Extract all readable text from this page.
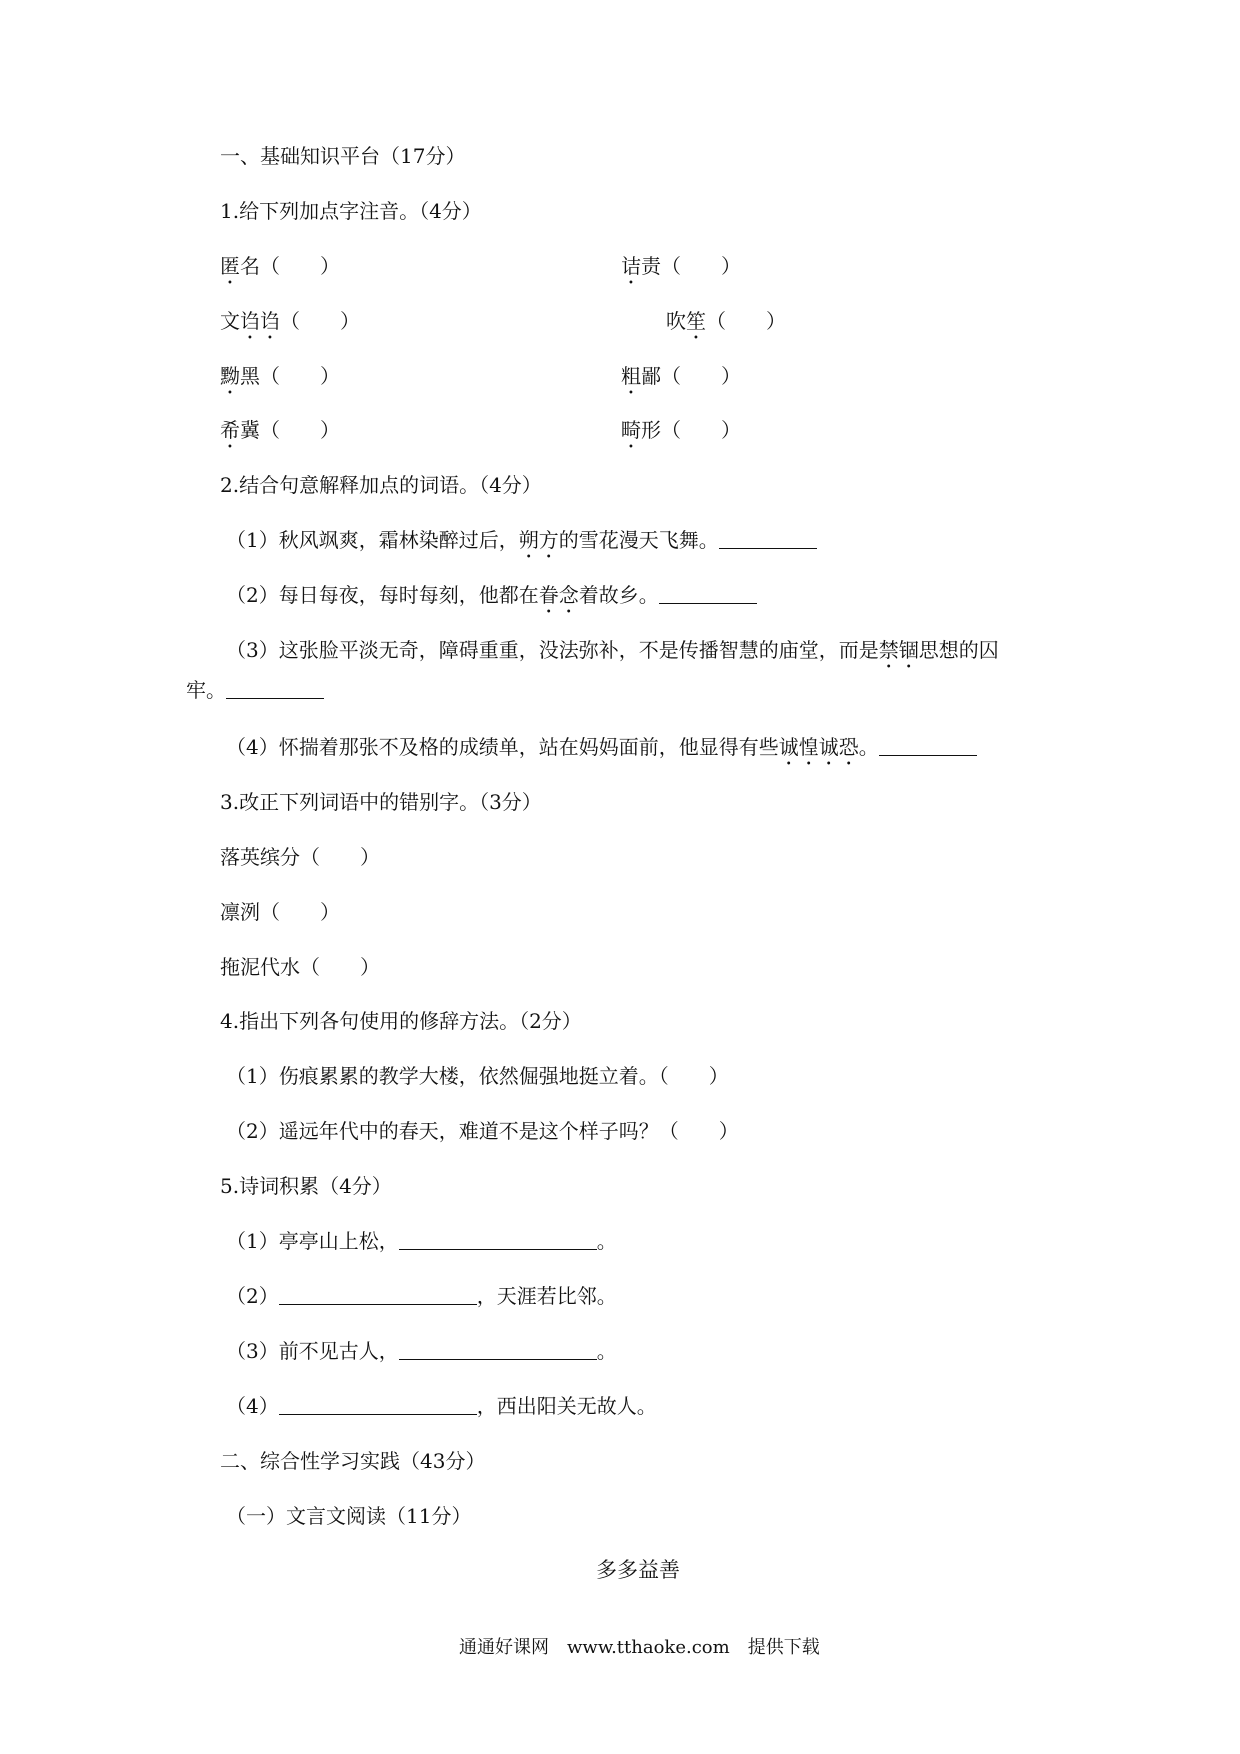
一、基础知识平台（17分）
1.给下列加点字注音。（4分）
匿名（　　）	诘责（　　）
文诌诌（　　）	吹笙（　　）
黝黑（　　）	粗鄙（　　）
希冀（　　）	畸形（　　）
2.结合句意解释加点的词语。（4分）
（1）秋风飒爽，霜林染醉过后，朔方的雪花漫天飞舞。
（2）每日每夜，每时每刻，他都在眷念着故乡。
（3）这张脸平淡无奇，障碍重重，没法弥补，不是传播智慧的庙堂，而是禁锢思想的囚
牢。
（4）怀揣着那张不及格的成绩单，站在妈妈面前，他显得有些诚惶诚恐。
3.改正下列词语中的错别字。（3分）
落英缤分（　　）
凛洌（　　）
拖泥代水（　　）
4.指出下列各句使用的修辞方法。（2分）
（1）伤痕累累的教学大楼，依然倔强地挺立着。（　　）
（2）遥远年代中的春天，难道不是这个样子吗？（　　）
5.诗词积累（4分）
（1）亭亭山上松，	。
（2）	，天涯若比邻。
（3）前不见古人，	。
（4）	，西出阳关无故人。
二、综合性学习实践（43分）
（一）文言文阅读（11分）
多多益善
通通好课网　www.tthaoke.com　提供下载
